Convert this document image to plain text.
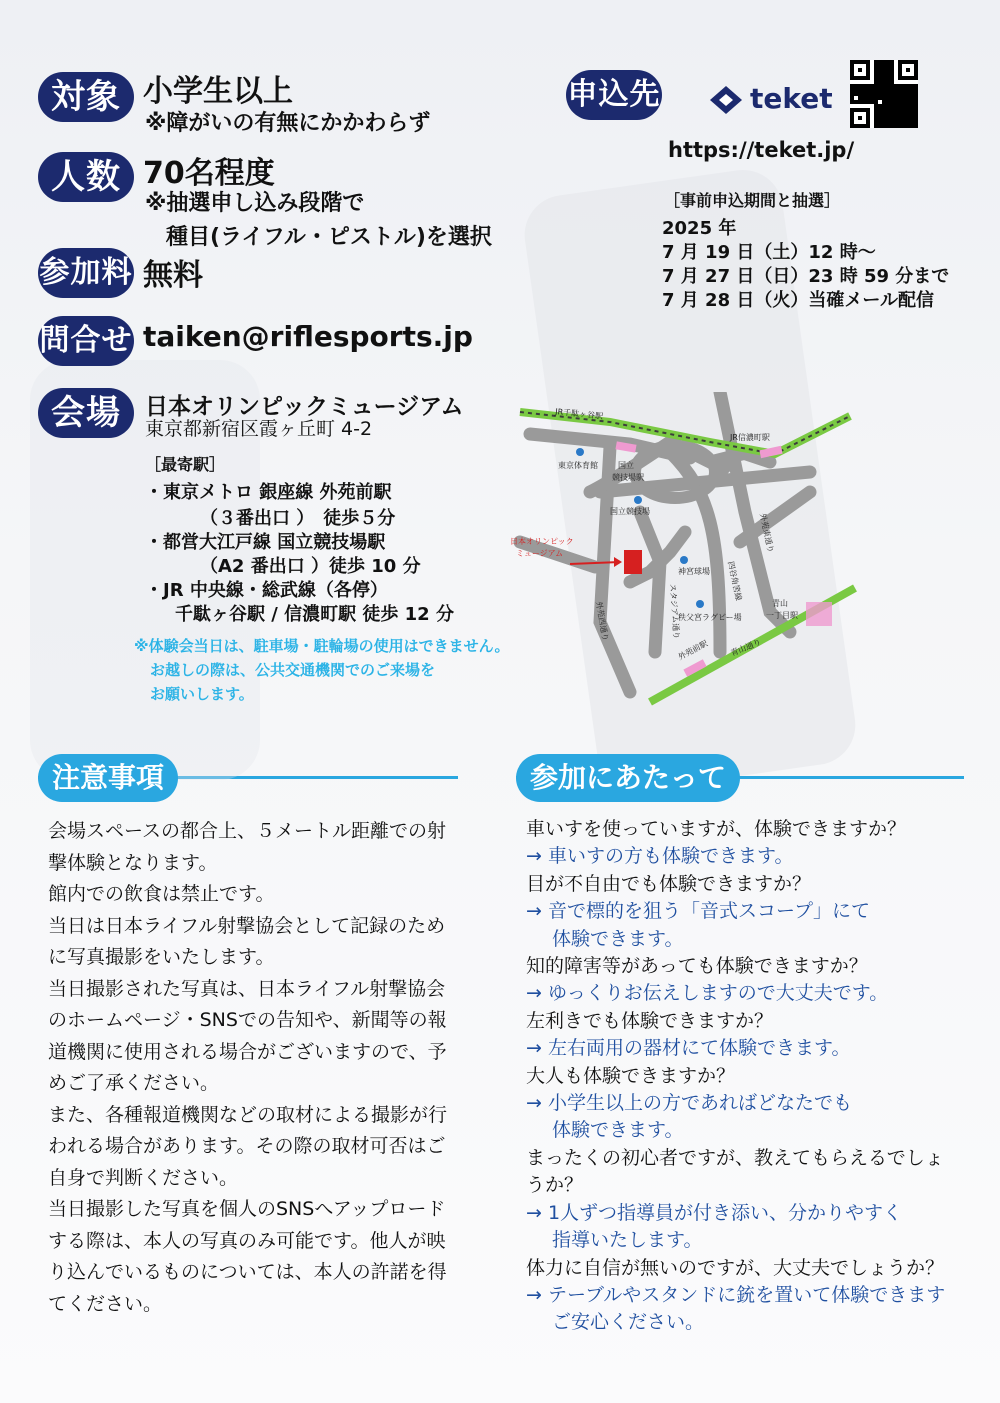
対象 小学生以上
※障がいの有無にかかわらず
人数 70名程度
※抽選申し込み段階で
種目(ライフル・ピストル)を選択
参加料 無料
問合せ taiken@riflesports.jp
会場	日本オリンピックミュージアム
東京都新宿区霞ヶ丘町 4-2
［最寄駅］
・東京メトロ 銀座線 外苑前駅
（３番出口 ）　徒歩５分
・都営大江戸線 国立競技場駅
（A2 番出口 ）徒歩 10 分
・JR 中央線・総武線（各停）
千駄ヶ谷駅 / 信濃町駅 徒歩 12 分
※体験会当日は、駐車場・駐輪場の使用はできません。
お越しの際は、公共交通機関でのご来場を
お願いします。
申込先	teket
https://teket.jp/
［事前申込期間と抽選］
2025 年
7 月 19 日（土）12 時～
7 月 27 日（日）23 時 59 分まで
7 月 28 日（火）当確メール配信
JR千駄ヶ谷駅
JR信濃町駅
東京体育館	国立
競技場駅
国立競技場
日本オリンピック
ミュージアム
神宮球場
秩父宮ラグビー場
外苑東通り
四谷角筈線
スタジアム通り
外苑西通り
外苑前駅	青山通り
青山
一丁目駅
注意事項
会場スペースの都合上、５メートル距離での射
撃体験となります。
館内での飲食は禁止です。
当日は日本ライフル射撃協会として記録のため
に写真撮影をいたします。
当日撮影された写真は、日本ライフル射撃協会
のホームページ・SNSでの告知や、新聞等の報
道機関に使用される場合がございますので、予
めご了承ください。
また、各種報道機関などの取材による撮影が行
われる場合があります。その際の取材可否はご
自身で判断ください。
当日撮影した写真を個人のSNSへアップロード
する際は、本人の写真のみ可能です。他人が映
り込んでいるものについては、本人の許諾を得
てください。
参加にあたって
車いすを使っていますが、体験できますか？
→ 車いすの方も体験できます。
目が不自由でも体験できますか？
→ 音で標的を狙う「音式スコープ」にて
体験できます。
知的障害等があっても体験できますか？
→ ゆっくりお伝えしますので大丈夫です。
左利きでも体験できますか？
→ 左右両用の器材にて体験できます。
大人も体験できますか？
→ 小学生以上の方であればどなたでも
体験できます。
まったくの初心者ですが、教えてもらえるでしょ
うか？
→ 1人ずつ指導員が付き添い、分かりやすく
指導いたします。
体力に自信が無いのですが、大丈夫でしょうか？
→ テーブルやスタンドに銃を置いて体験できます
ご安心ください。
